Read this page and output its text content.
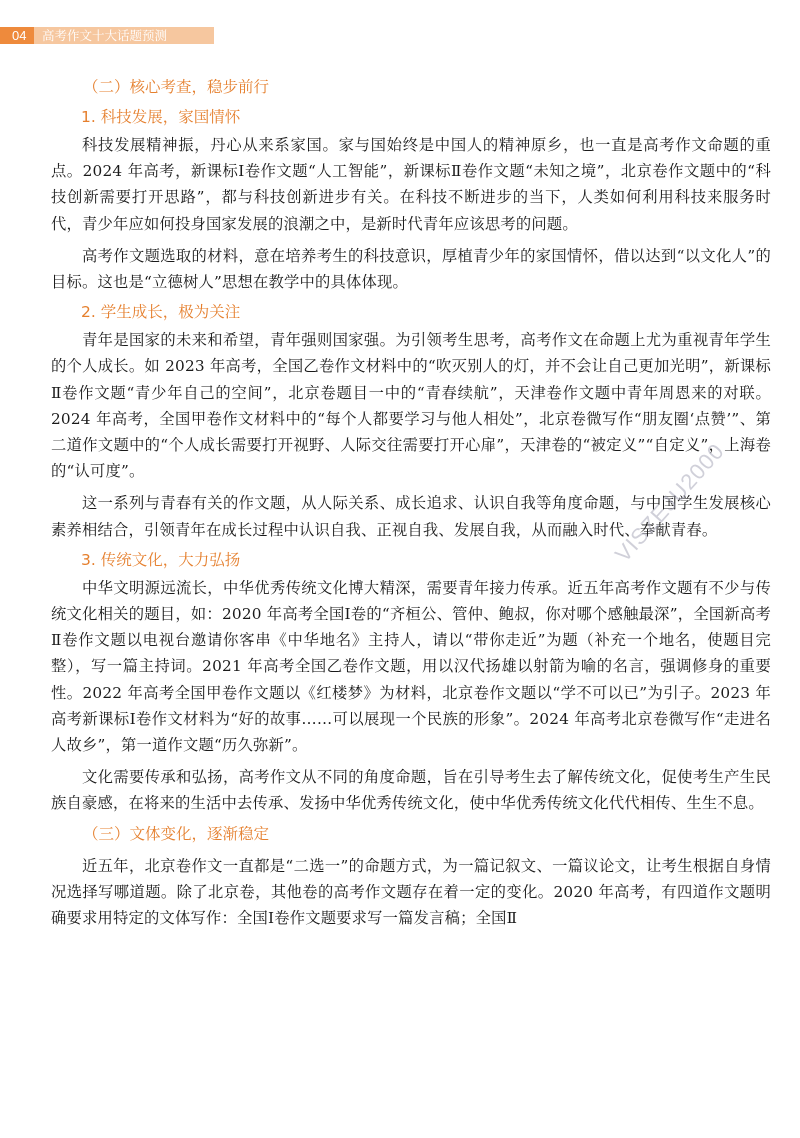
04	高考作文十大话题预测
（二）核心考查，稳步前行
1. 科技发展，家国情怀

科技发展精神振，丹心从来系家国。家与国始终是中国人的精神原乡，也一直是高考作文命题的重点。2024 年高考，新课标Ⅰ卷作文题“人工智能”，新课标Ⅱ卷作文题“未知之境”，北京卷作文题中的“科技创新需要打开思路”，都与科技创新进步有关。在科技不断进步的当下，人类如何利用科技来服务时代，青少年应如何投身国家发展的浪潮之中，是新时代青年应该思考的问题。

高考作文题选取的材料，意在培养考生的科技意识，厚植青少年的家国情怀，借以达到“以文化人”的目标。这也是“立德树人”思想在教学中的具体体现。

2. 学生成长，极为关注

青年是国家的未来和希望，青年强则国家强。为引领考生思考，高考作文在命题上尤为重视青年学生的个人成长。如 2023 年高考，全国乙卷作文材料中的“吹灭别人的灯，并不会让自己更加光明”，新课标Ⅱ卷作文题“青少年自己的空间”，北京卷题目一中的“青春续航”，天津卷作文题中青年周恩来的对联。2024 年高考，全国甲卷作文材料中的“每个人都要学习与他人相处”，北京卷微写作“朋友圈‘点赞’”、第二道作文题中的“个人成长需要打开视野、人际交往需要打开心扉”，天津卷的“被定义”“自定义”，上海卷的“认可度”。

这一系列与青春有关的作文题，从人际关系、成长追求、认识自我等角度命题，与中国学生发展核心素养相结合，引领青年在成长过程中认识自我、正视自我、发展自我，从而融入时代、奉献青春。

3. 传统文化，大力弘扬

中华文明源远流长，中华优秀传统文化博大精深，需要青年接力传承。近五年高考作文题有不少与传统文化相关的题目，如：2020 年高考全国Ⅰ卷的“齐桓公、管仲、鲍叔，你对哪个感触最深”，全国新高考Ⅱ卷作文题以电视台邀请你客串《中华地名》主持人，请以“带你走近”为题（补充一个地名，使题目完整），写一篇主持词。2021 年高考全国乙卷作文题，用以汉代扬雄以射箭为喻的名言，强调修身的重要性。2022 年高考全国甲卷作文题以《红楼梦》为材料，北京卷作文题以“学不可以已”为引子。2023 年高考新课标Ⅰ卷作文材料为“好的故事……可以展现一个民族的形象”。2024 年高考北京卷微写作“走进名人故乡”，第一道作文题“历久弥新”。

文化需要传承和弘扬，高考作文从不同的角度命题，旨在引导考生去了解传统文化，促使考生产生民族自豪感，在将来的生活中去传承、发扬中华优秀传统文化，使中华优秀传统文化代代相传、生生不息。

（三）文体变化，逐渐稳定

近五年，北京卷作文一直都是“二选一”的命题方式，为一篇记叙文、一篇议论文，让考生根据自身情况选择写哪道题。除了北京卷，其他卷的高考作文题存在着一定的变化。2020 年高考，有四道作文题明确要求用特定的文体写作：全国Ⅰ卷作文题要求写一篇发言稿；全国Ⅱ

VISZEJU2000
